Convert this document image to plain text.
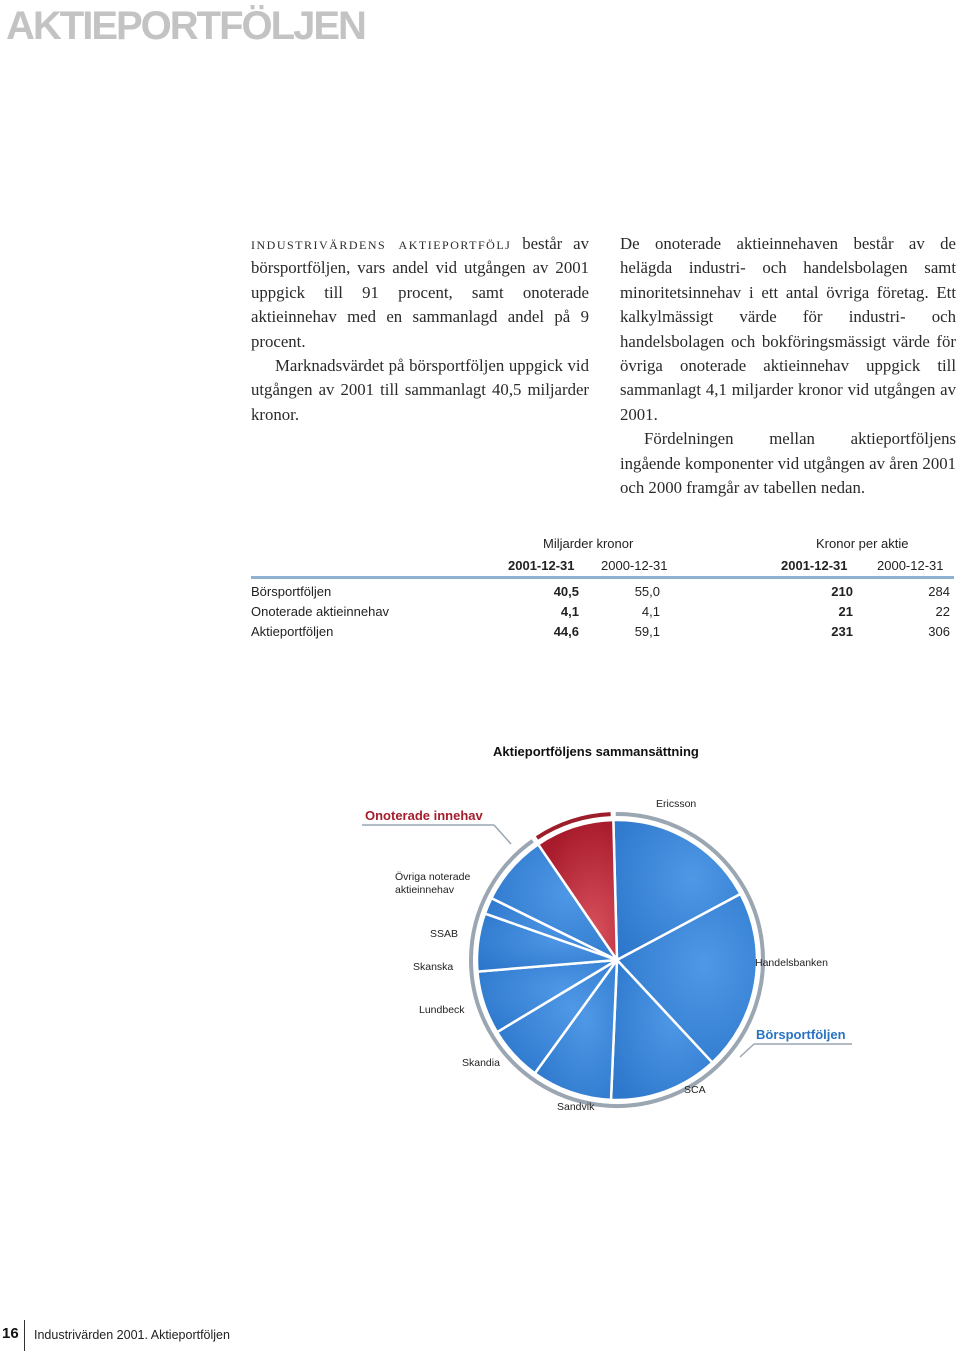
AKTIEPORTFÖLJEN

industrivärdens aktieportfölj består av börsportföljen, vars andel vid utgången av 2001 uppgick till 91 procent, samt onoterade aktieinnehav med en sammanlagd andel på 9 procent.

Marknadsvärdet på börsportföljen uppgick vid utgången av 2001 till sammanlagt 40,5 miljarder kronor.

De onoterade aktieinnehaven består av de helägda industri- och handelsbolagen samt minoritetsinnehav i ett antal övriga företag. Ett kalkylmässigt värde för industri- och handelsbolagen och bokföringsmässigt värde för övriga onoterade aktieinnehav uppgick till sammanlagt 4,1 miljarder kronor vid utgången av 2001.

Fördelningen mellan aktieportföljens ingående komponenter vid utgången av åren 2001 och 2000 framgår av tabellen nedan.

Miljarder kronor	Kronor per aktie
2001-12-31 2000-12-31	2001-12-31 2000-12-31
Börsportföljen	40,5	55,0	210	284
Onoterade aktieinnehav	4,1	4,1	21	22
Aktieportföljen	44,6	59,1	231	306
Aktieportföljens sammansättning
Ericsson
Handelsbanken
SCA
Sandvik
Skandia
Lundbeck
Skanska
SSAB
Övriga noterade aktieinnehav
Onoterade innehav
Börsportföljen
16 Industrivärden 2001. Aktieportföljen
